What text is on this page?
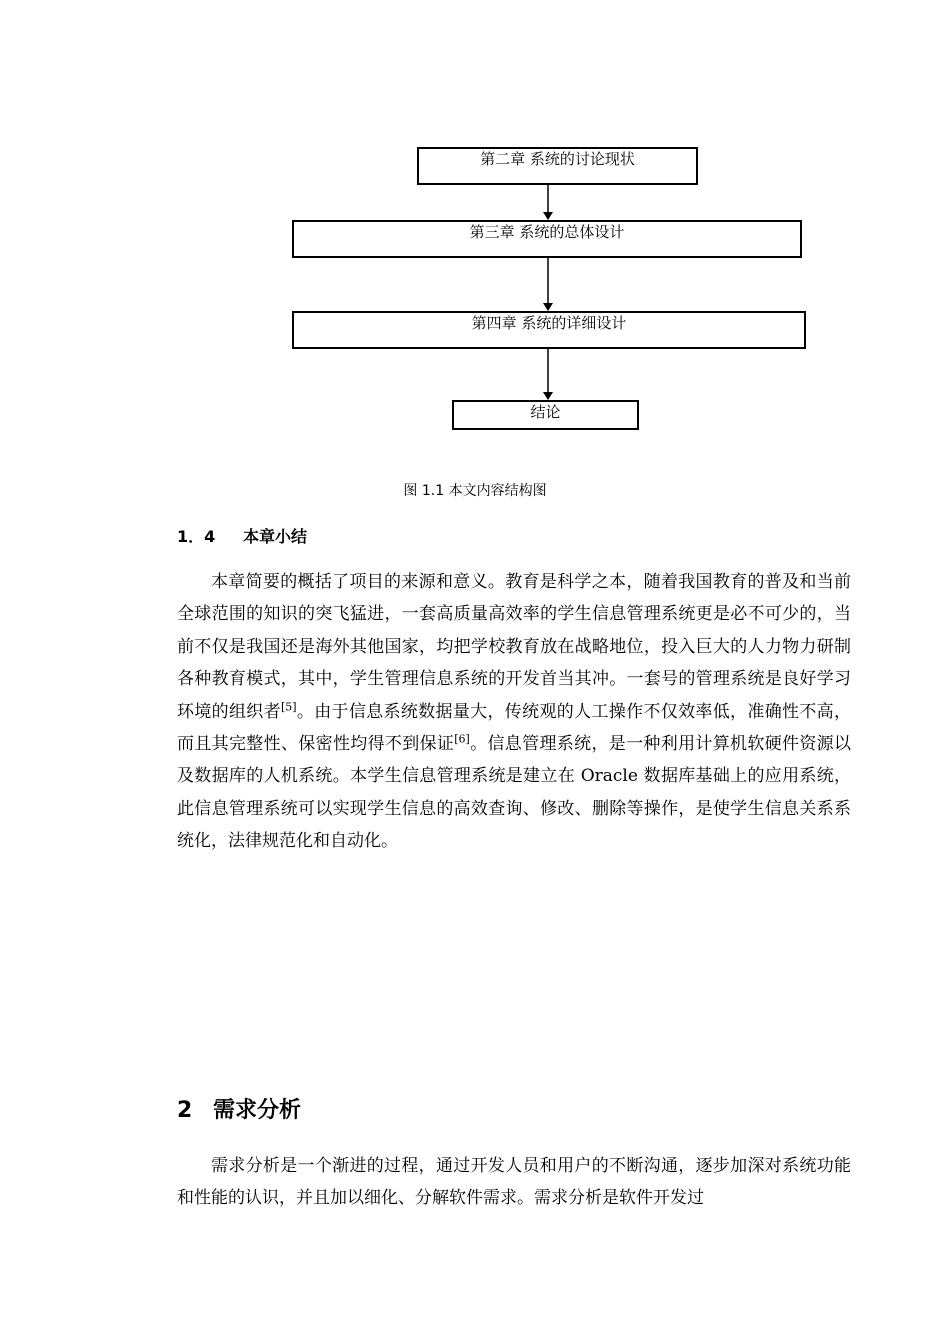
第二章 系统的讨论现状
第三章 系统的总体设计
第四章 系统的详细设计
结论
图 1.1 本文内容结构图
1．4 本章小结

本章简要的概括了项目的来源和意义。教育是科学之本，随着我国教育的普及和当前全球范围的知识的突飞猛进，一套高质量高效率的学生信息管理系统更是必不可少的，当前不仅是我国还是海外其他国家，均把学校教育放在战略地位，投入巨大的人力物力研制各种教育模式，其中，学生管理信息系统的开发首当其冲。一套号的管理系统是良好学习环境的组织者[5]。由于信息系统数据量大，传统观的人工操作不仅效率低，准确性不高，而且其完整性、保密性均得不到保证[6]。信息管理系统，是一种利用计算机软硬件资源以及数据库的人机系统。本学生信息管理系统是建立在 Oracle 数据库基础上的应用系统，此信息管理系统可以实现学生信息的高效查询、修改、删除等操作，是使学生信息关系系统化，法律规范化和自动化。

2 需求分析

需求分析是一个渐进的过程，通过开发人员和用户的不断沟通，逐步加深对系统功能和性能的认识，并且加以细化、分解软件需求。需求分析是软件开发过
